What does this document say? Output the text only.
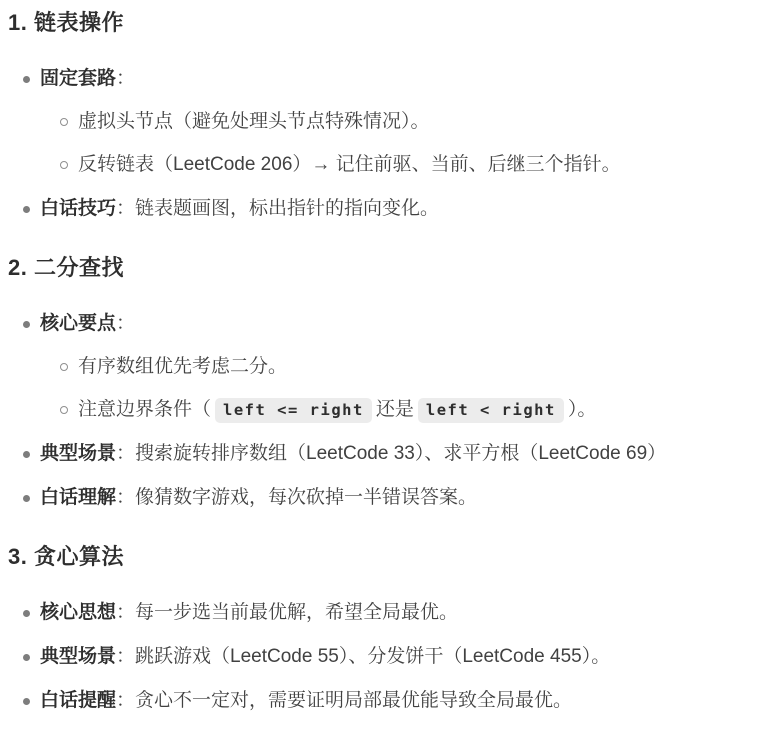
1. 链表操作
固定套路：
虚拟头节点（避免处理头节点特殊情况）。
反转链表（LeetCode 206）→ 记住前驱、当前、后继三个指针。
白话技巧：链表题画图，标出指针的指向变化。
2. 二分查找
核心要点：
有序数组优先考虑二分。
注意边界条件（ left <= right 还是 left < right ）。
典型场景：搜索旋转排序数组（LeetCode 33）、求平方根（LeetCode 69）
白话理解：像猜数字游戏，每次砍掉一半错误答案。
3. 贪心算法
核心思想：每一步选当前最优解，希望全局最优。
典型场景：跳跃游戏（LeetCode 55）、分发饼干（LeetCode 455）。
白话提醒：贪心不一定对，需要证明局部最优能导致全局最优。
